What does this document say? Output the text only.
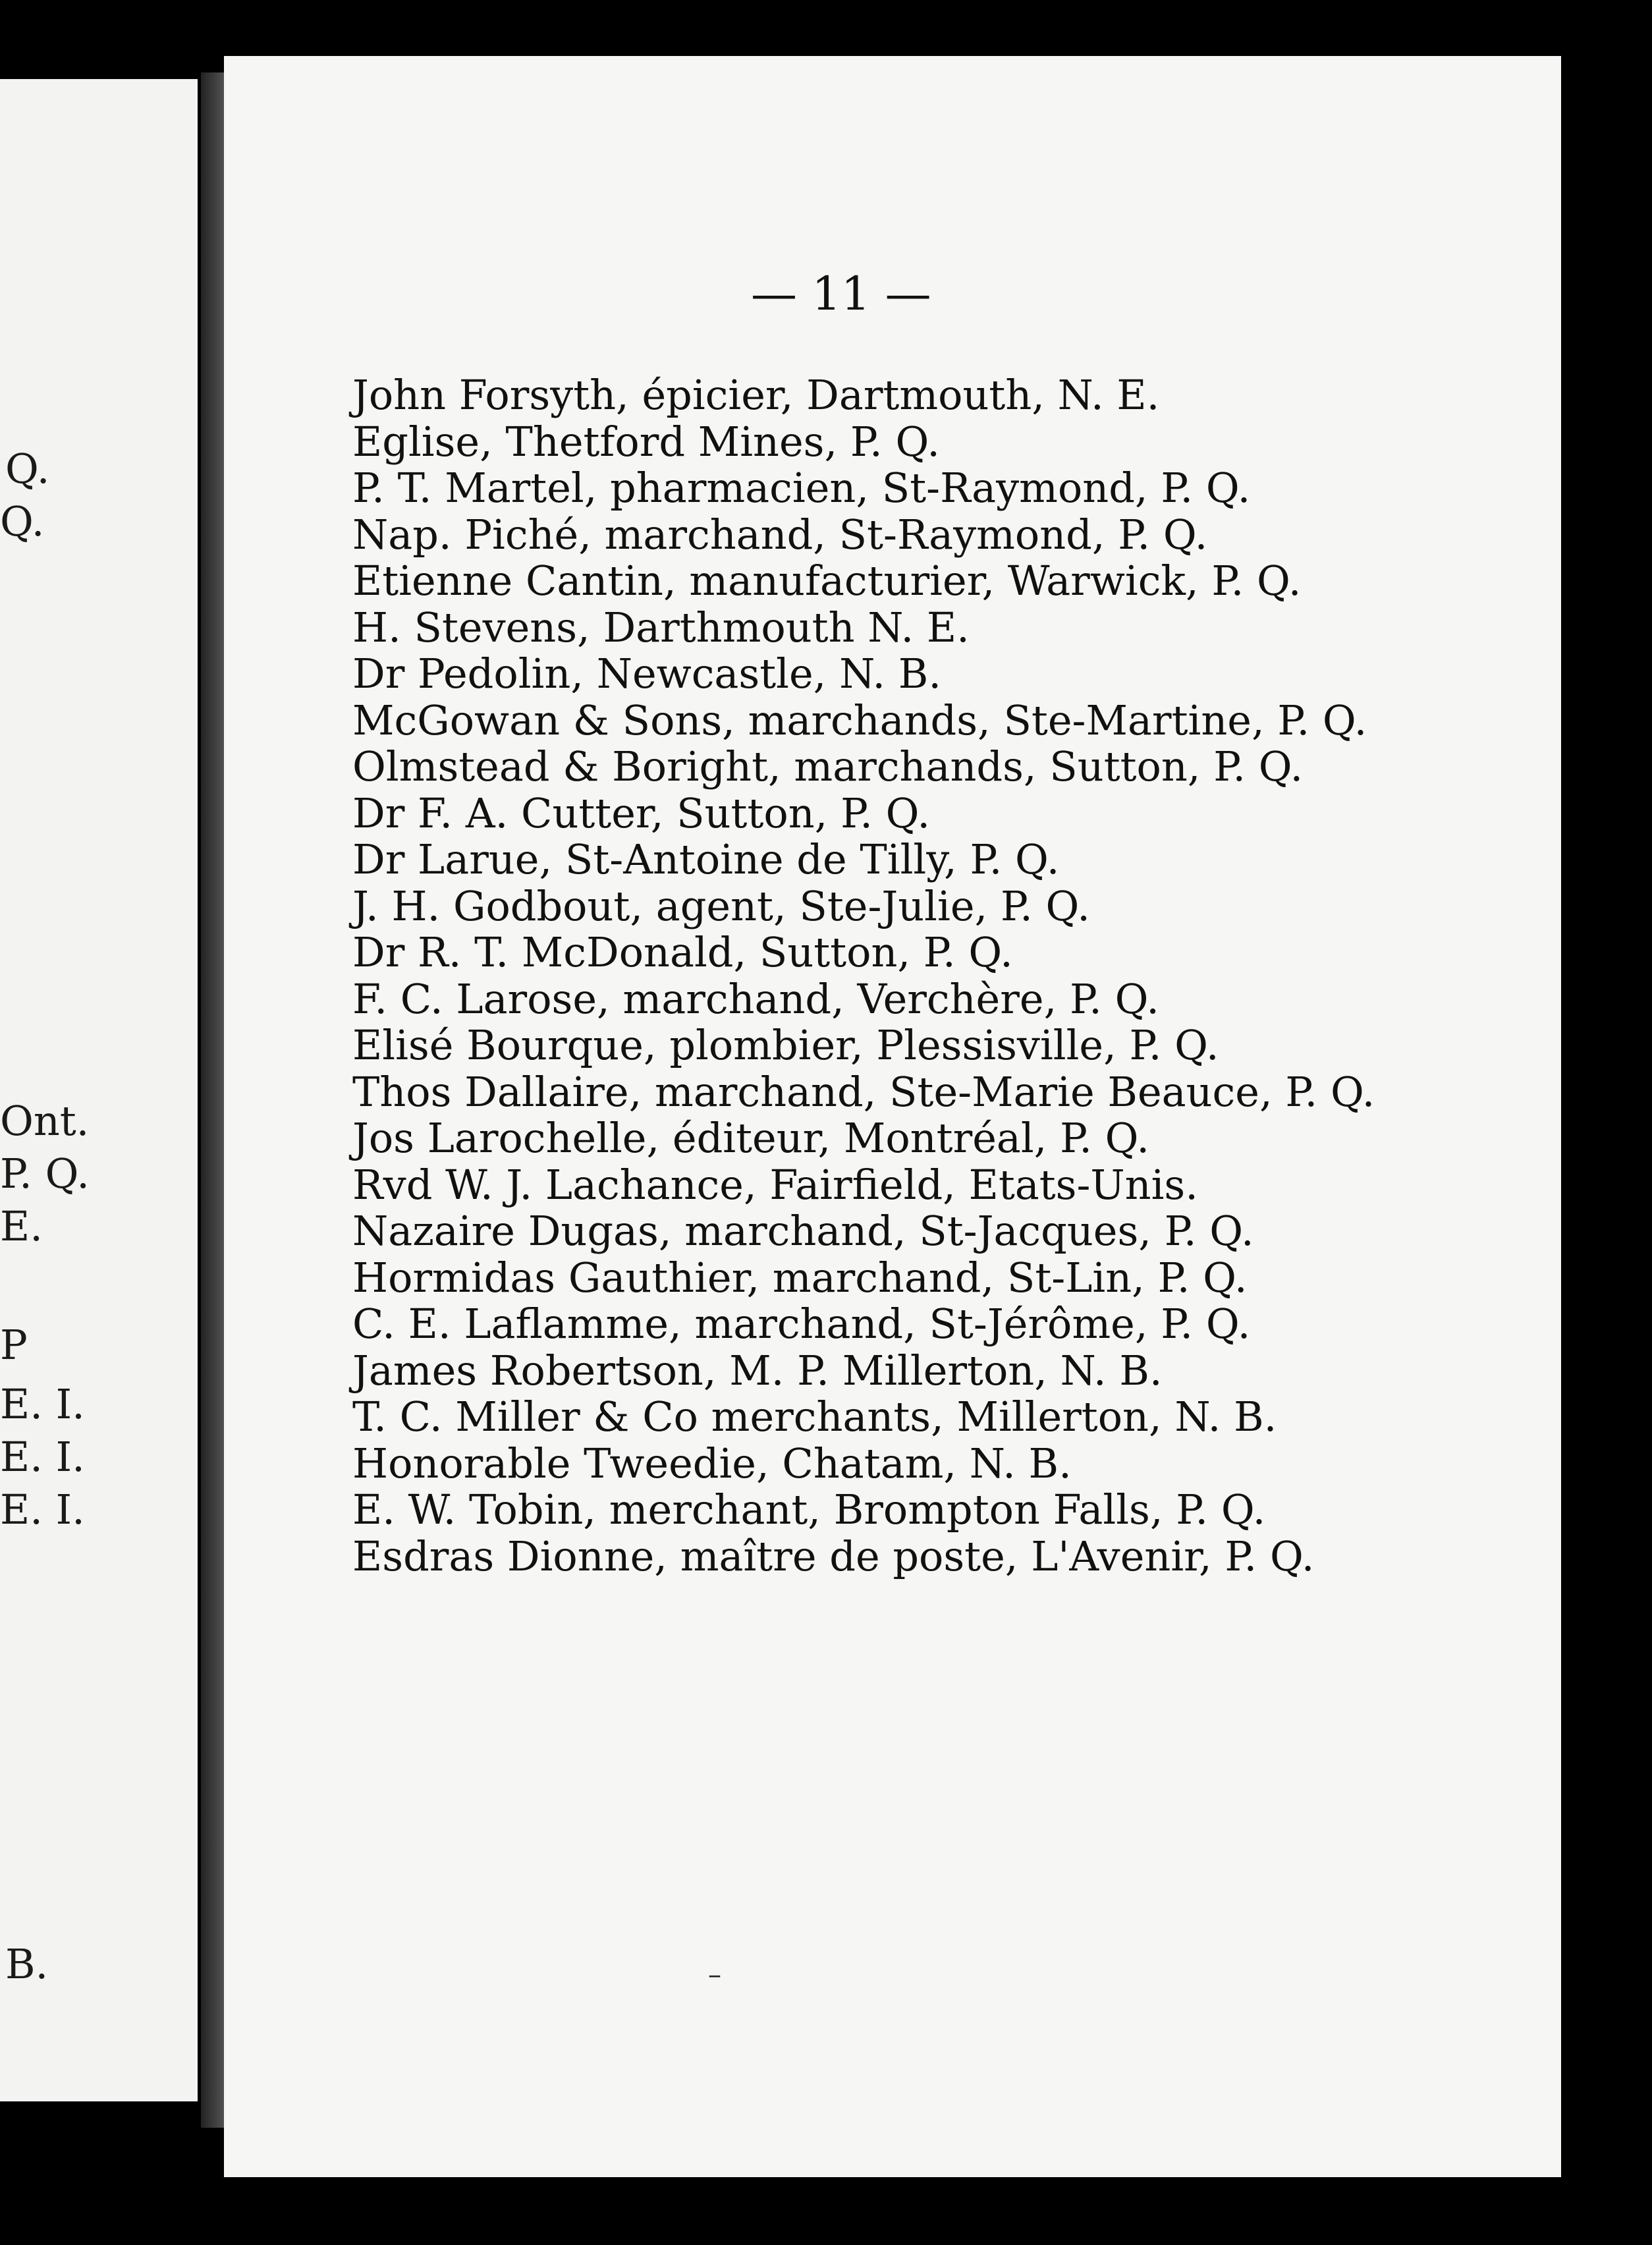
Q.
Q.
Ont.
P. Q.
E.
P
E. I.
E. I.
E. I.
B.
— 11 —
John Forsyth, épicier, Dartmouth, N. E.
Eglise, Thetford Mines, P. Q.
P. T. Martel, pharmacien, St-Raymond, P. Q.
Nap. Piché, marchand, St-Raymond, P. Q.
Etienne Cantin, manufacturier, Warwick, P. Q.
H. Stevens, Darthmouth N. E.
Dr Pedolin, Newcastle, N. B.
McGowan & Sons, marchands, Ste-Martine, P. Q.
Olmstead & Boright, marchands, Sutton, P. Q.
Dr F. A. Cutter, Sutton, P. Q.
Dr Larue, St-Antoine de Tilly, P. Q.
J. H. Godbout, agent, Ste-Julie, P. Q.
Dr R. T. McDonald, Sutton, P. Q.
F. C. Larose, marchand, Verchère, P. Q.
Elisé Bourque, plombier, Plessisville, P. Q.
Thos Dallaire, marchand, Ste-Marie Beauce, P. Q.
Jos Larochelle, éditeur, Montréal, P. Q.
Rvd W. J. Lachance, Fairfield, Etats-Unis.
Nazaire Dugas, marchand, St-Jacques, P. Q.
Hormidas Gauthier, marchand, St-Lin, P. Q.
C. E. Laflamme, marchand, St-Jérôme, P. Q.
James Robertson, M. P. Millerton, N. B.
T. C. Miller & Co merchants, Millerton, N. B.
Honorable Tweedie, Chatam, N. B.
E. W. Tobin, merchant, Brompton Falls, P. Q.
Esdras Dionne, maître de poste, L'Avenir, P. Q.
–
